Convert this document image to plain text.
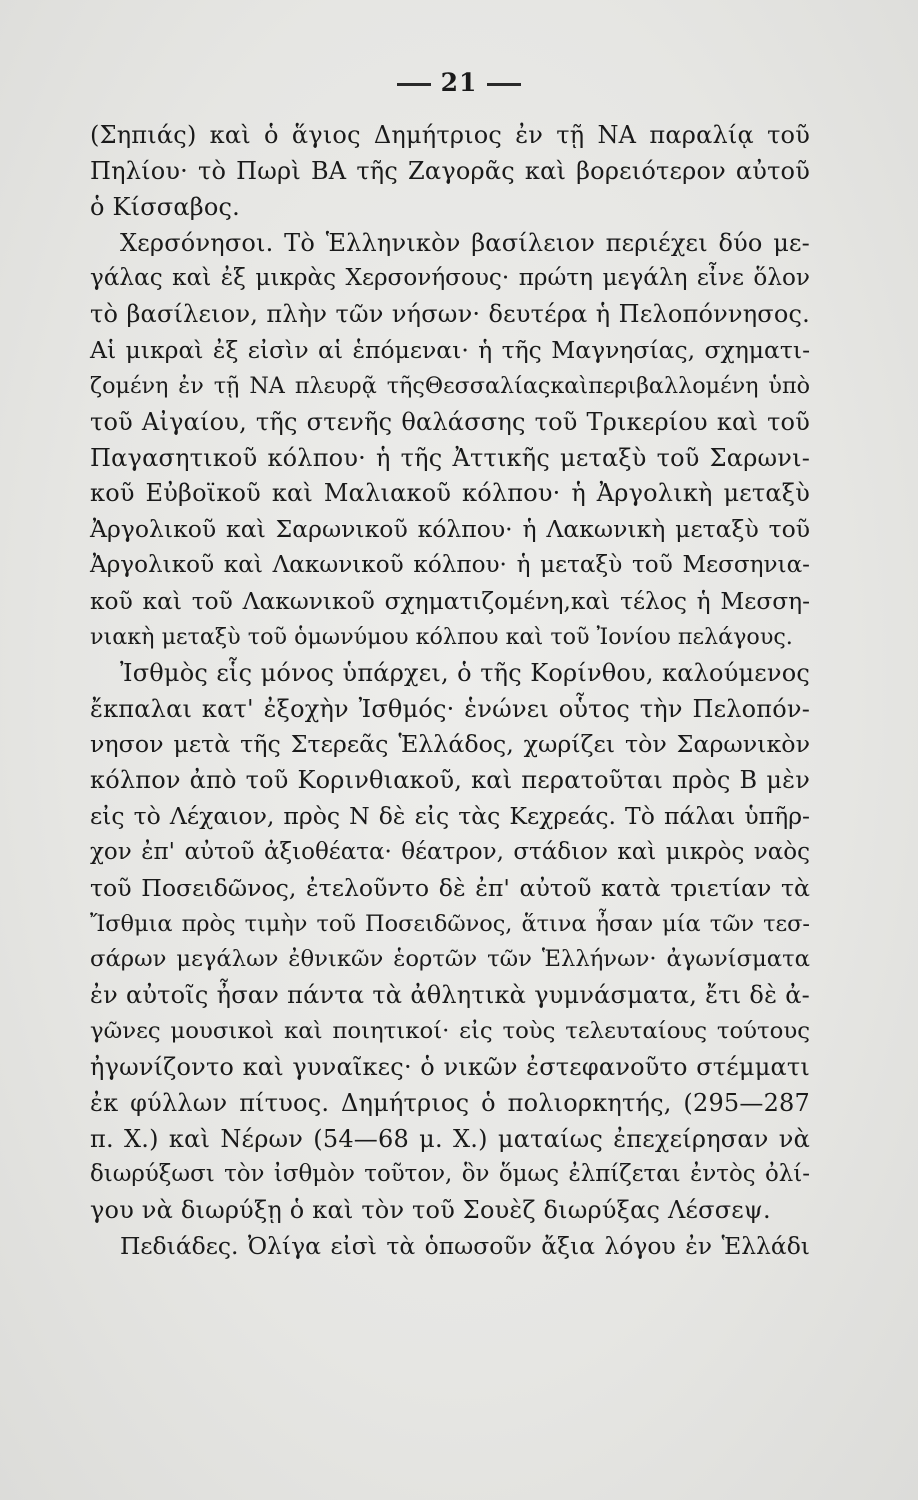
21
(Σηπιάς) καὶ ὁ ἅγιος Δημήτριος ἐν τῇ ΝΑ παραλίᾳ τοῦ
Πηλίου· τὸ Πωρὶ ΒΑ τῆς Ζαγορᾶς καὶ βορειότερον αὐτοῦ
ὁ Κίσσαβος.
Χερσόνησοι. Τὸ Ἑλληνικὸν βασίλειον περιέχει δύο με-
γάλας καὶ ἐξ μικρὰς Χερσονήσους· πρώτη μεγάλη εἶνε ὅλον
τὸ βασίλειον, πλὴν τῶν νήσων· δευτέρα ἡ Πελοπόννησος.
Αἱ μικραὶ ἐξ εἰσὶν αἱ ἑπόμεναι· ἡ τῆς Μαγνησίας, σχηματι-
ζομένη ἐν τῇ ΝΑ πλευρᾷ τῆςΘεσσαλίαςκαὶπεριβαλλομένη ὑπὸ
τοῦ Αἰγαίου, τῆς στενῆς θαλάσσης τοῦ Τρικερίου καὶ τοῦ
Παγασητικοῦ κόλπου· ἡ τῆς Ἀττικῆς μεταξὺ τοῦ Σαρωνι-
κοῦ Εὐβοϊκοῦ καὶ Μαλιακοῦ κόλπου· ἡ Ἀργολικὴ μεταξὺ
Ἀργολικοῦ καὶ Σαρωνικοῦ κόλπου· ἡ Λακωνικὴ μεταξὺ τοῦ
Ἀργολικοῦ καὶ Λακωνικοῦ κόλπου· ἡ μεταξὺ τοῦ Μεσσηνια-
κοῦ καὶ τοῦ Λακωνικοῦ σχηματιζομένη,καὶ τέλος ἡ Μεσση-
νιακὴ μεταξὺ τοῦ ὁμωνύμου κόλπου καὶ τοῦ Ἰονίου πελάγους.
Ἰσθμὸς εἷς μόνος ὑπάρχει, ὁ τῆς Κορίνθου, καλούμενος
ἔκπαλαι κατ' ἐξοχὴν Ἰσθμός· ἑνώνει οὗτος τὴν Πελοπόν-
νησον μετὰ τῆς Στερεᾶς Ἑλλάδος, χωρίζει τὸν Σαρωνικὸν
κόλπον ἀπὸ τοῦ Κορινθιακοῦ, καὶ περατοῦται πρὸς Β μὲν
εἰς τὸ Λέχαιον, πρὸς Ν δὲ εἰς τὰς Κεχρεάς. Τὸ πάλαι ὑπῆρ-
χον ἐπ' αὐτοῦ ἀξιοθέατα· θέατρον, στάδιον καὶ μικρὸς ναὸς
τοῦ Ποσειδῶνος, ἐτελοῦντο δὲ ἐπ' αὐτοῦ κατὰ τριετίαν τὰ
Ἴσθμια πρὸς τιμὴν τοῦ Ποσειδῶνος, ἅτινα ἦσαν μία τῶν τεσ-
σάρων μεγάλων ἐθνικῶν ἑορτῶν τῶν Ἑλλήνων· ἀγωνίσματα
ἐν αὐτοῖς ἦσαν πάντα τὰ ἀθλητικὰ γυμνάσματα, ἔτι δὲ ἀ-
γῶνες μουσικοὶ καὶ ποιητικοί· εἰς τοὺς τελευταίους τούτους
ἠγωνίζοντο καὶ γυναῖκες· ὁ νικῶν ἐστεφανοῦτο στέμματι
ἐκ φύλλων πίτυος. Δημήτριος ὁ πολιορκητής, (295—287
π. Χ.) καὶ Νέρων (54—68 μ. Χ.) ματαίως ἐπεχείρησαν νὰ
διωρύξωσι τὸν ἰσθμὸν τοῦτον, ὃν ὅμως ἐλπίζεται ἐντὸς ὀλί-
γου νὰ διωρύξῃ ὁ καὶ τὸν τοῦ Σουὲζ διωρύξας Λέσσεψ.
Πεδιάδες. Ὀλίγα εἰσὶ τὰ ὁπωσοῦν ἄξια λόγου ἐν Ἑλλάδι
